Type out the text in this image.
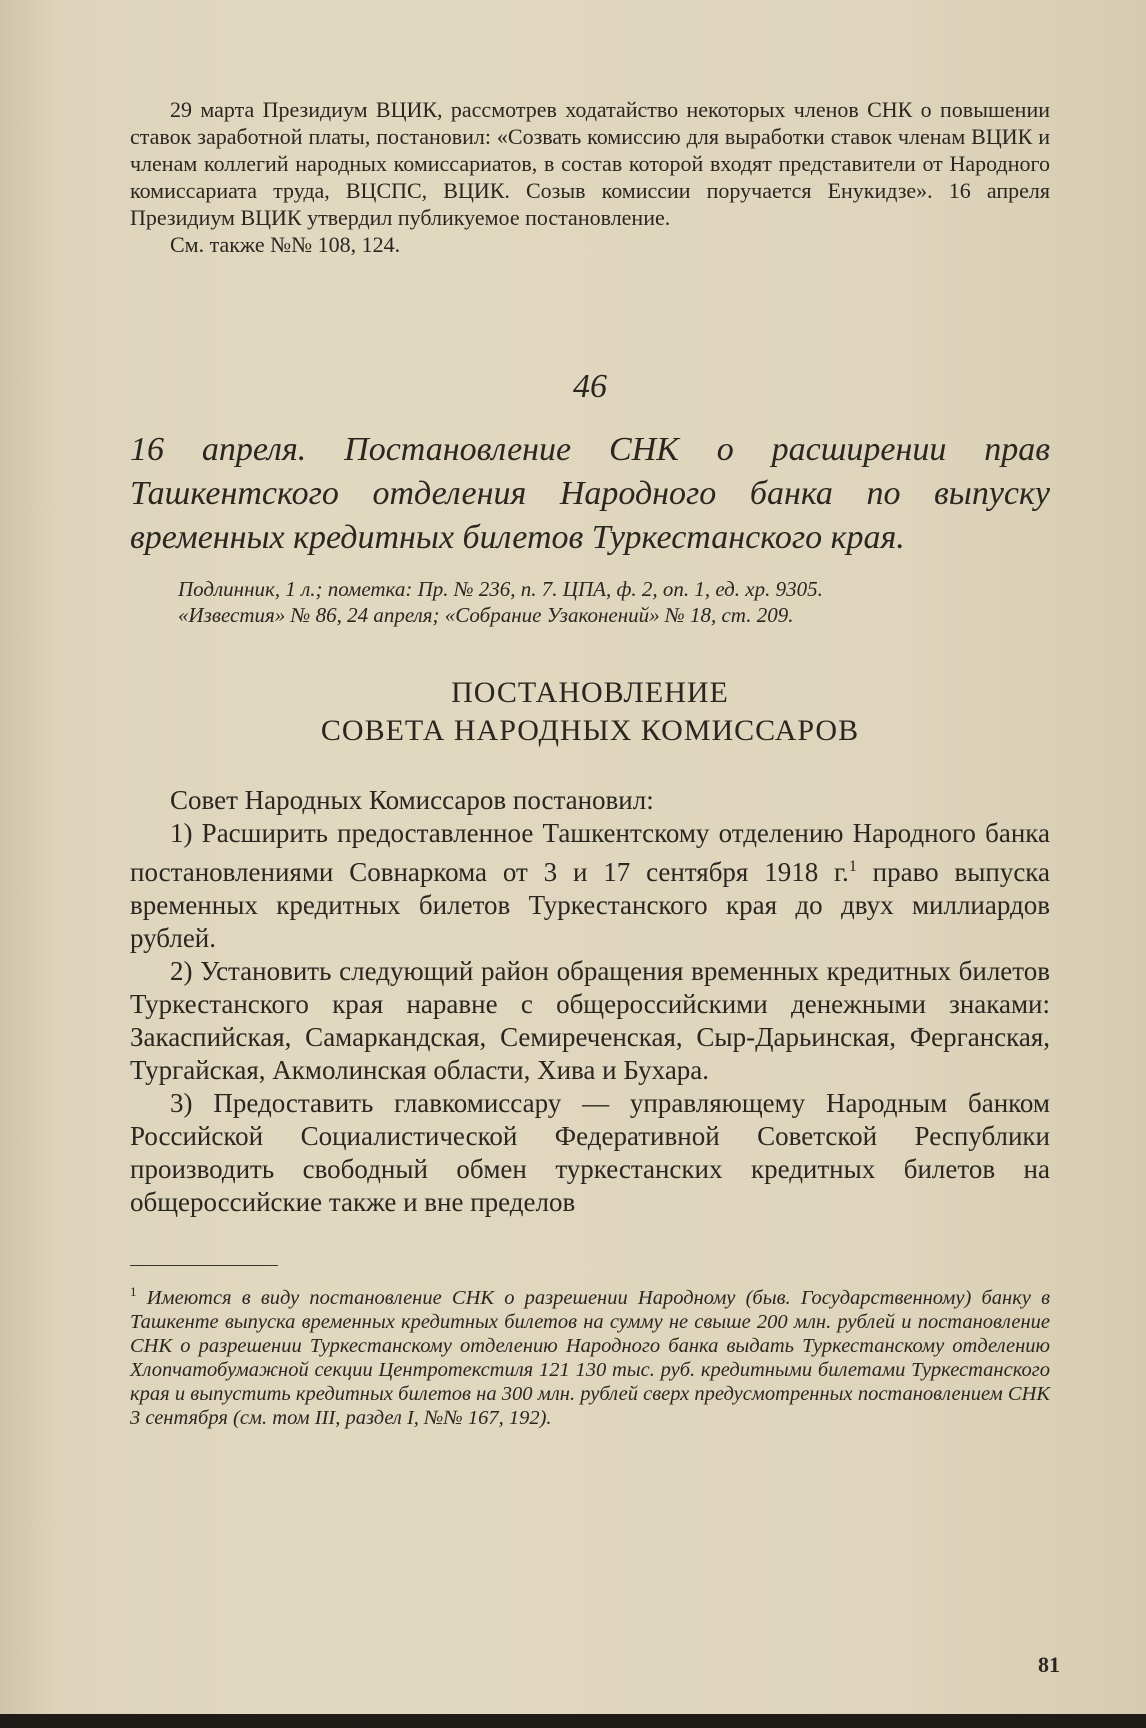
29 марта Президиум ВЦИК, рассмотрев ходатайство некоторых членов СНК о повышении ставок заработной платы, постановил: «Созвать комиссию для выработки ставок членам ВЦИК и членам коллегий народных комиссариатов, в состав которой входят представители от Народного комиссариата труда, ВЦСПС, ВЦИК. Созыв комиссии поручается Енукидзе». 16 апреля Президиум ВЦИК утвердил публикуемое постановление.

См. также №№ 108, 124.

46
16 апреля. Постановление СНК о расширении прав Ташкентского отделения Народного банка по выпуску временных кредитных билетов Туркестанского края.

Подлинник, 1 л.; пометка: Пр. № 236, п. 7. ЦПА, ф. 2, оп. 1, ед. хр. 9305.

«Известия» № 86, 24 апреля; «Собрание Узаконений» № 18, ст. 209.

ПОСТАНОВЛЕНИЕ
СОВЕТА НАРОДНЫХ КОМИССАРОВ

Совет Народных Комиссаров постановил:

1) Расширить предоставленное Ташкентскому отделению Народного банка постановлениями Совнаркома от 3 и 17 сентября 1918 г.$^1$ право выпуска временных кредитных билетов Туркестанского края до двух миллиардов рублей.

2) Установить следующий район обращения временных кредитных билетов Туркестанского края наравне с общероссийскими денежными знаками: Закаспийская, Самаркандская, Семиреченская, Сыр-Дарьинская, Ферганская, Тургайская, Акмолинская области, Хива и Бухара.

3) Предоставить главкомиссару — управляющему Народным банком Российской Социалистической Федеративной Советской Республики производить свободный обмен туркестанских кредитных билетов на общероссийские также и вне пределов

$^1$ Имеются в виду постановление СНК о разрешении Народному (быв. Государственному) банку в Ташкенте выпуска временных кредитных билетов на сумму не свыше 200 млн. рублей и постановление СНК о разрешении Туркестанскому отделению Народного банка выдать Туркестанскому отделению Хлопчатобумажной секции Центротекстиля 121 130 тыс. руб. кредитными билетами Туркестанского края и выпустить кредитных билетов на 300 млн. рублей сверх предусмотренных постановлением СНК 3 сентября (см. том III, раздел I, №№ 167, 192).
81
